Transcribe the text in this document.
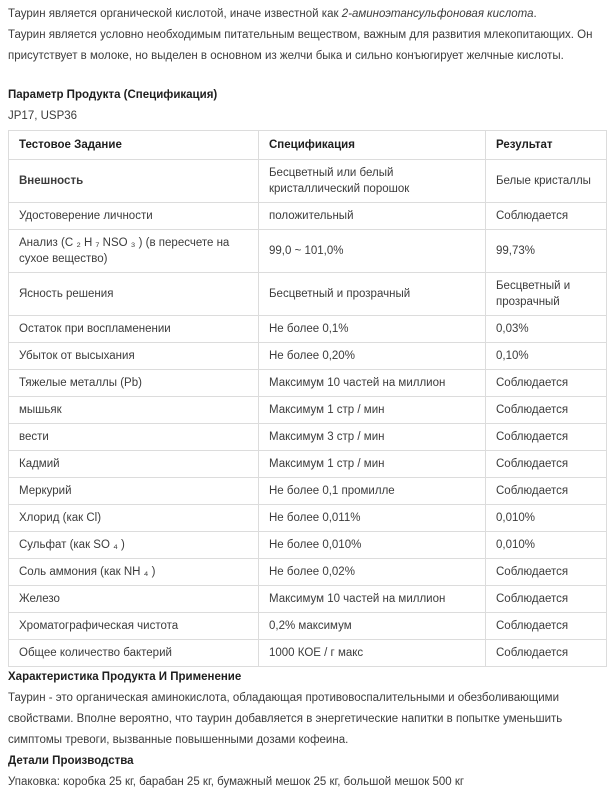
Таурин является органической кислотой, иначе известной как 2-аминоэтансульфоновая кислота.

Таурин является условно необходимым питательным веществом, важным для развития млекопитающих. Он присутствует в молоке, но выделен в основном из желчи быка и сильно конъюгирует желчные кислоты.

Параметр Продукта (Спецификация)
JP17, USP36
Тестовое Задание	Спецификация	Результат
Внешность	Бесцветный или белый кристаллический порошок	Белые кристаллы
Удостоверение личности	положительный	Соблюдается
Анализ (C ₂ H ₇ NSO ₃ ) (в пересчете на сухое вещество)	99,0 ~ 101,0%	99,73%
Ясность решения	Бесцветный и прозрачный	Бесцветный и прозрачный
Остаток при воспламенении	Не более 0,1%	0,03%
Убыток от высыхания	Не более 0,20%	0,10%
Тяжелые металлы (Pb)	Максимум 10 частей на миллион	Соблюдается
мышьяк	Максимум 1 стр / мин	Соблюдается
вести	Максимум 3 стр / мин	Соблюдается
Кадмий	Максимум 1 стр / мин	Соблюдается
Меркурий	Не более 0,1 промилле	Соблюдается
Хлорид (как Cl)	Не более 0,011%	0,010%
Сульфат (как SO ₄ )	Не более 0,010%	0,010%
Соль аммония (как NH ₄ )	Не более 0,02%	Соблюдается
Железо	Максимум 10 частей на миллион	Соблюдается
Хроматографическая чистота	0,2% максимум	Соблюдается
Общее количество бактерий	1000 КОЕ / г макс	Соблюдается
Характеристика Продукта И Применение

Таурин - это органическая аминокислота, обладающая противовоспалительными и обезболивающими свойствами. Вполне вероятно, что таурин добавляется в энергетические напитки в попытке уменьшить симптомы тревоги, вызванные повышенными дозами кофеина.

Детали Производства

Упаковка: коробка 25 кг, барабан 25 кг, бумажный мешок 25 кг, большой мешок 500 кг
